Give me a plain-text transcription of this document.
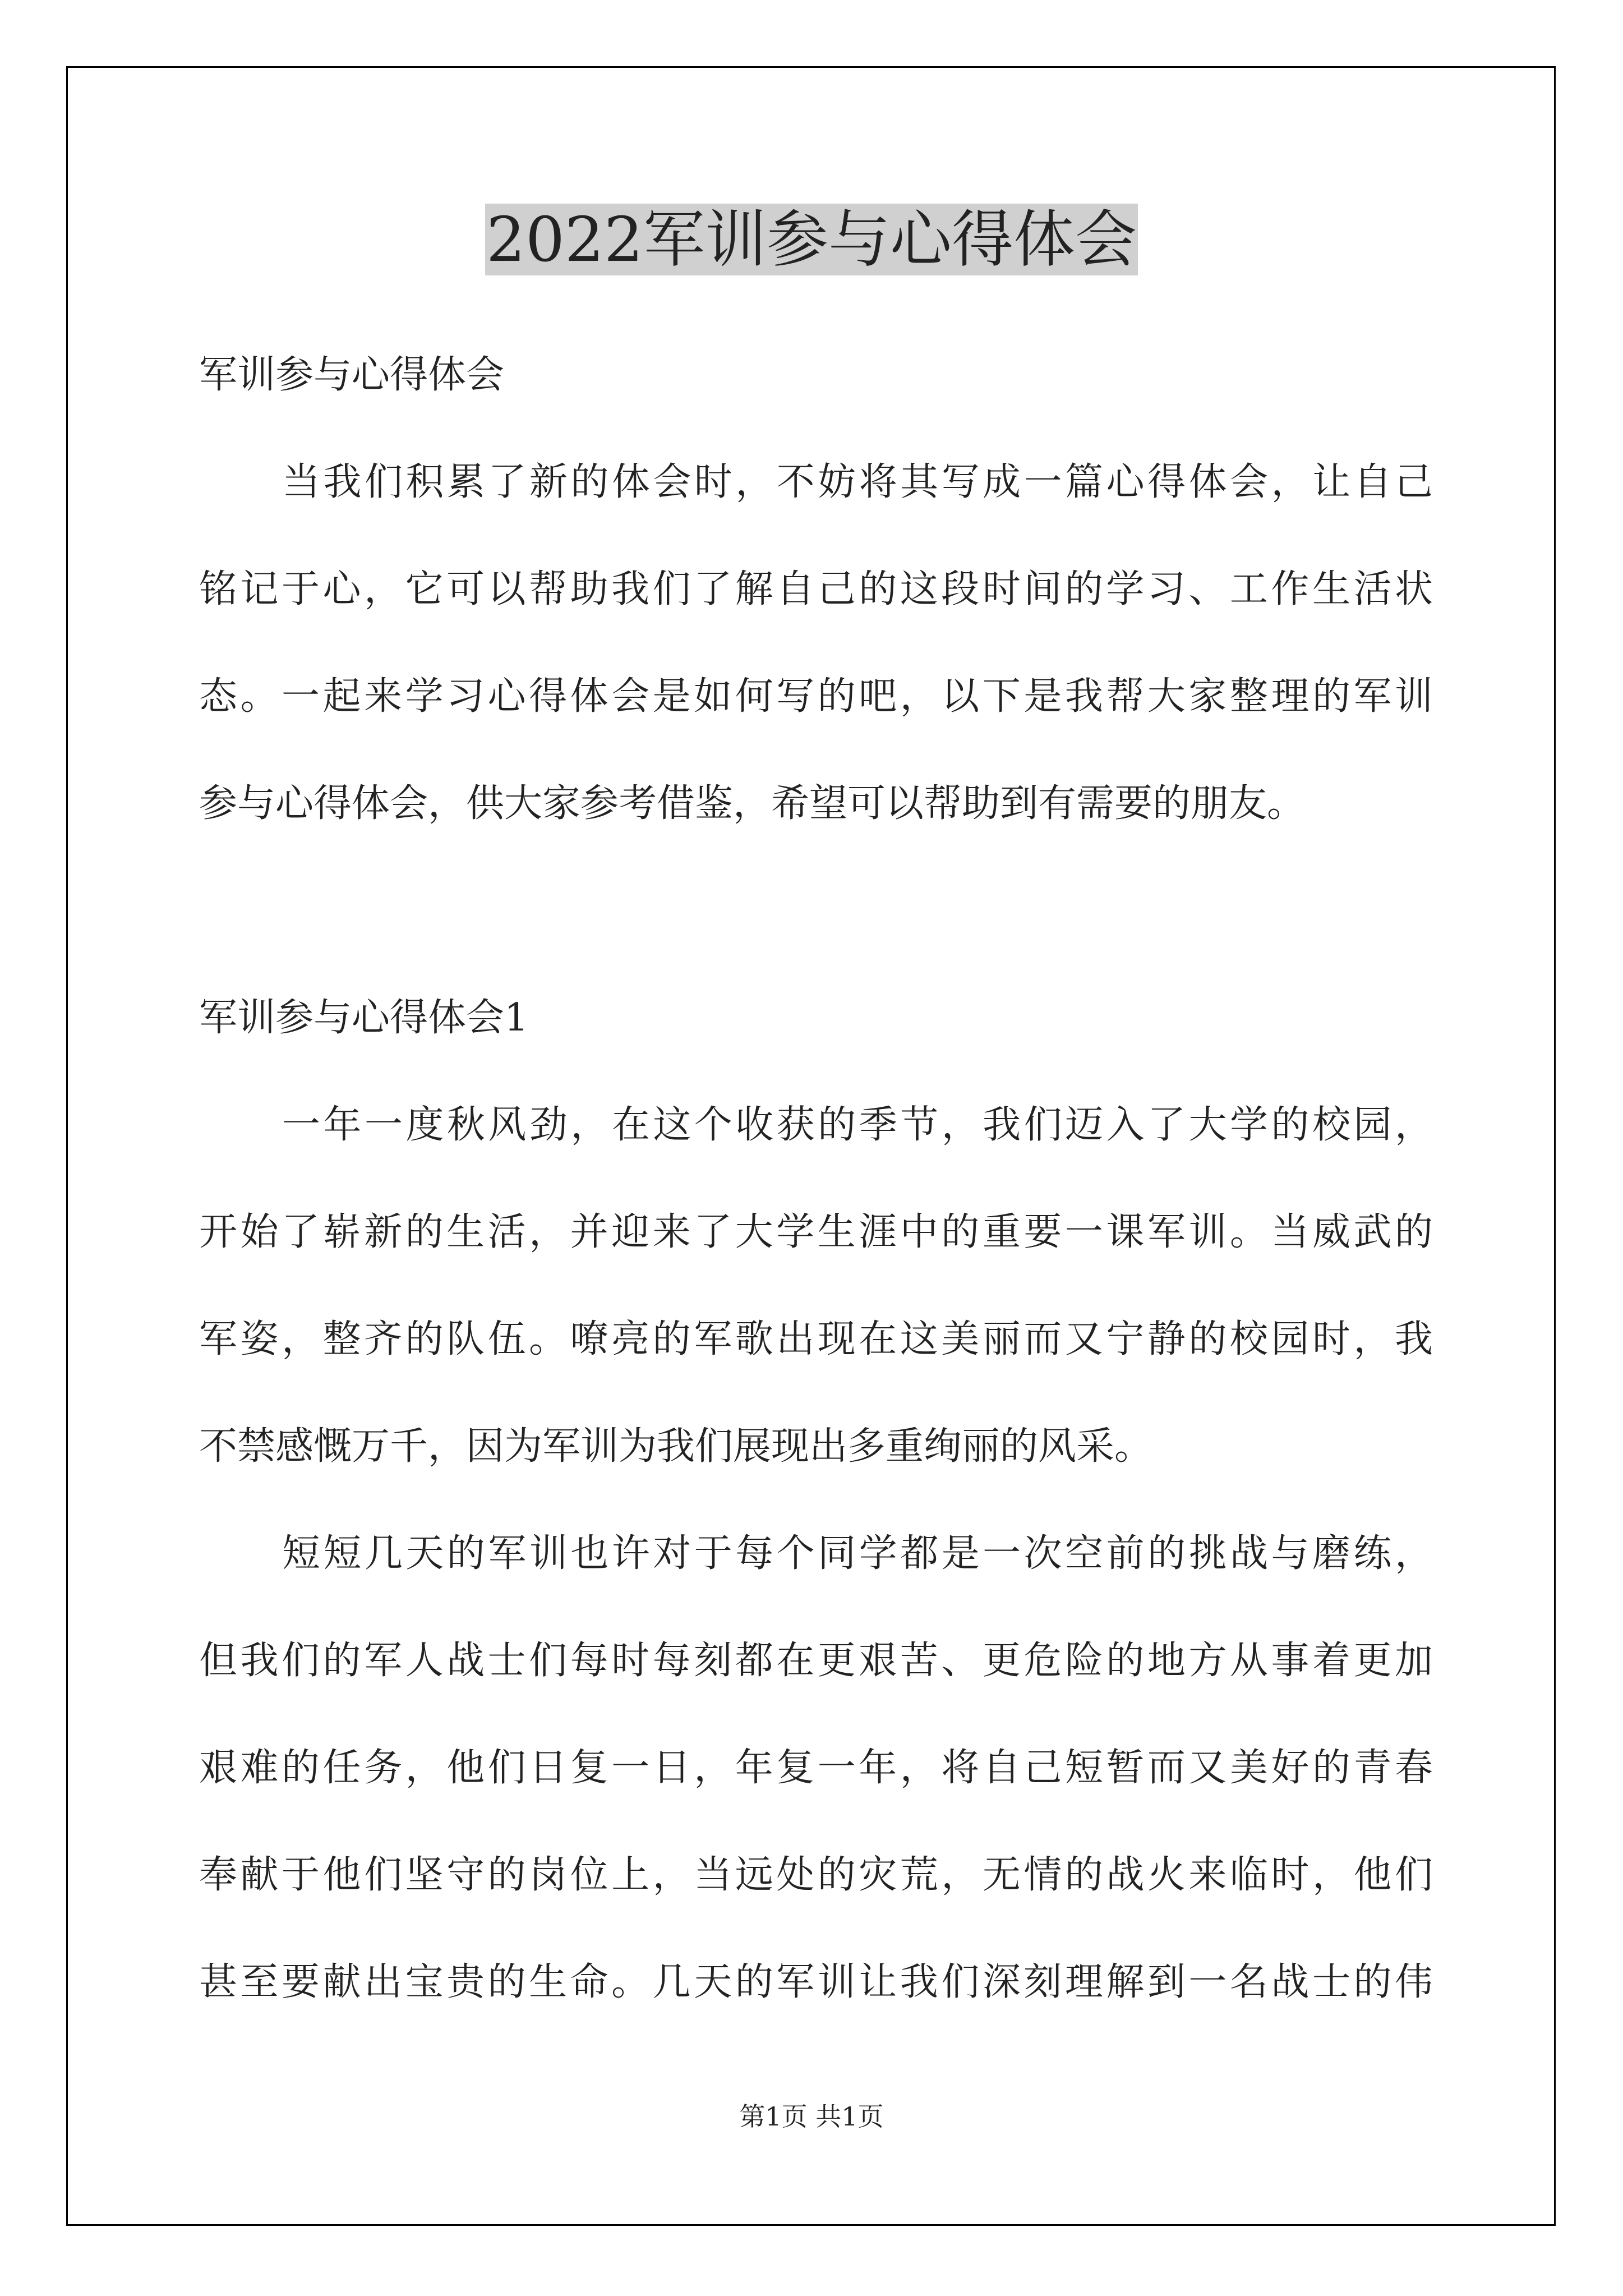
2022军训参与心得体会
军训参与心得体会
当我们积累了新的体会时，不妨将其写成一篇心得体会，让自己
铭记于心，它可以帮助我们了解自己的这段时间的学习、工作生活状
态。一起来学习心得体会是如何写的吧，以下是我帮大家整理的军训
参与心得体会，供大家参考借鉴，希望可以帮助到有需要的朋友。
军训参与心得体会1
一年一度秋风劲，在这个收获的季节，我们迈入了大学的校园，
开始了崭新的生活，并迎来了大学生涯中的重要一课军训。当威武的
军姿，整齐的队伍。嘹亮的军歌出现在这美丽而又宁静的校园时，我
不禁感慨万千，因为军训为我们展现出多重绚丽的风采。
短短几天的军训也许对于每个同学都是一次空前的挑战与磨练，
但我们的军人战士们每时每刻都在更艰苦、更危险的地方从事着更加
艰难的任务，他们日复一日，年复一年，将自己短暂而又美好的青春
奉献于他们坚守的岗位上，当远处的灾荒，无情的战火来临时，他们
甚至要献出宝贵的生命。几天的军训让我们深刻理解到一名战士的伟
第1页 共1页
